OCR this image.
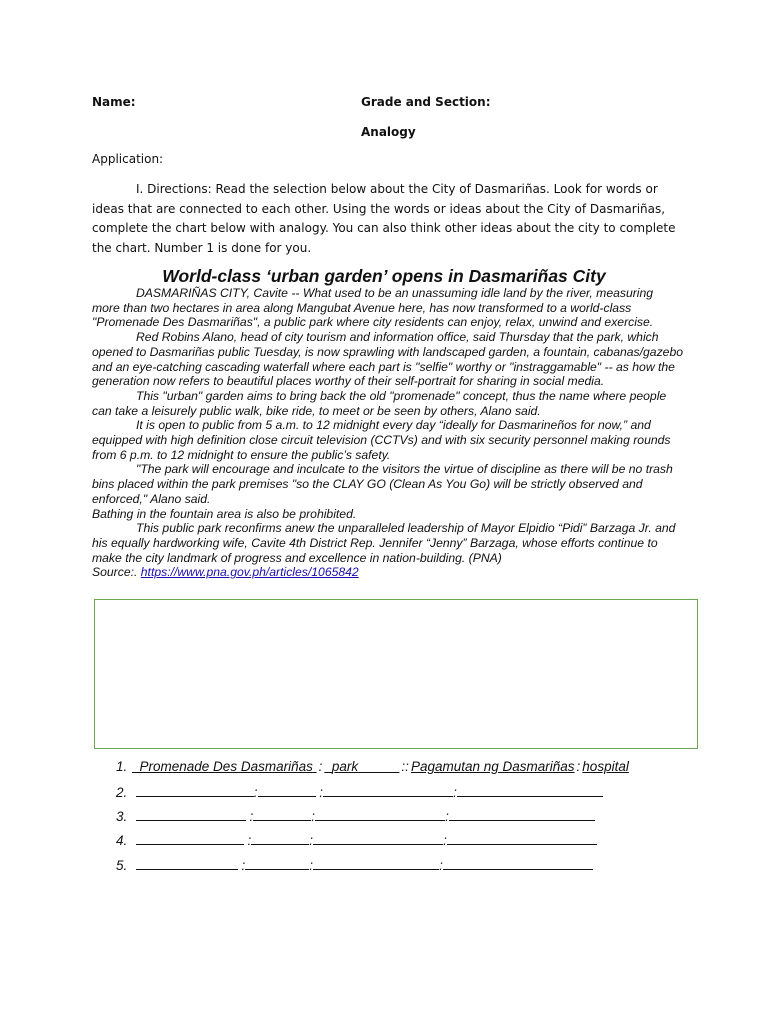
Name:	Grade and Section:
Analogy
Application:

I. Directions: Read the selection below about the City of Dasmariñas. Look for words or ideas that are connected to each other. Using the words or ideas about the City of Dasmariñas, complete the chart below with analogy. You can also think other ideas about the city to complete the chart. Number 1 is done for you.

World-class ‘urban garden’ opens in Dasmariñas City

DASMARIÑAS CITY, Cavite -- What used to be an unassuming idle land by the river, measuring more than two hectares in area along Mangubat Avenue here, has now transformed to a world-class "Promenade Des Dasmariñas", a public park where city residents can enjoy, relax, unwind and exercise.

Red Robins Alano, head of city tourism and information office, said Thursday that the park, which opened to Dasmariñas public Tuesday, is now sprawling with landscaped garden, a fountain, cabanas/gazebo and an eye-catching cascading waterfall where each part is "selfie" worthy or "instraggamable" -- as how the generation now refers to beautiful places worthy of their self-portrait for sharing in social media.

This "urban" garden aims to bring back the old "promenade" concept, thus the name where people can take a leisurely public walk, bike ride, to meet or be seen by others, Alano said.

It is open to public from 5 a.m. to 12 midnight every day “ideally for Dasmarineños for now,” and equipped with high definition close circuit television (CCTVs) and with six security personnel making rounds from 6 p.m. to 12 midnight to ensure the public’s safety.

"The park will encourage and inculcate to the visitors the virtue of discipline as there will be no trash bins placed within the park premises "so the CLAY GO (Clean As You Go) will be strictly observed and enforced," Alano said.

Bathing in the fountain area is also be prohibited.

This public park reconfirms anew the unparalleled leadership of Mayor Elpidio “Pidi” Barzaga Jr. and his equally hardworking wife, Cavite 4th District Rep. Jennifer “Jenny” Barzaga, whose efforts continue to make the city landmark of progress and excellence in nation-building. (PNA)

Source:. https://www.pna.gov.ph/articles/1065842

1. Promenade Des Dasmariñas : park	:: Pagamutan ng Dasmariñas : hospital
2.	:	:	:
3.	:	:	:
4.	:	:	:
5.	:	:	:
